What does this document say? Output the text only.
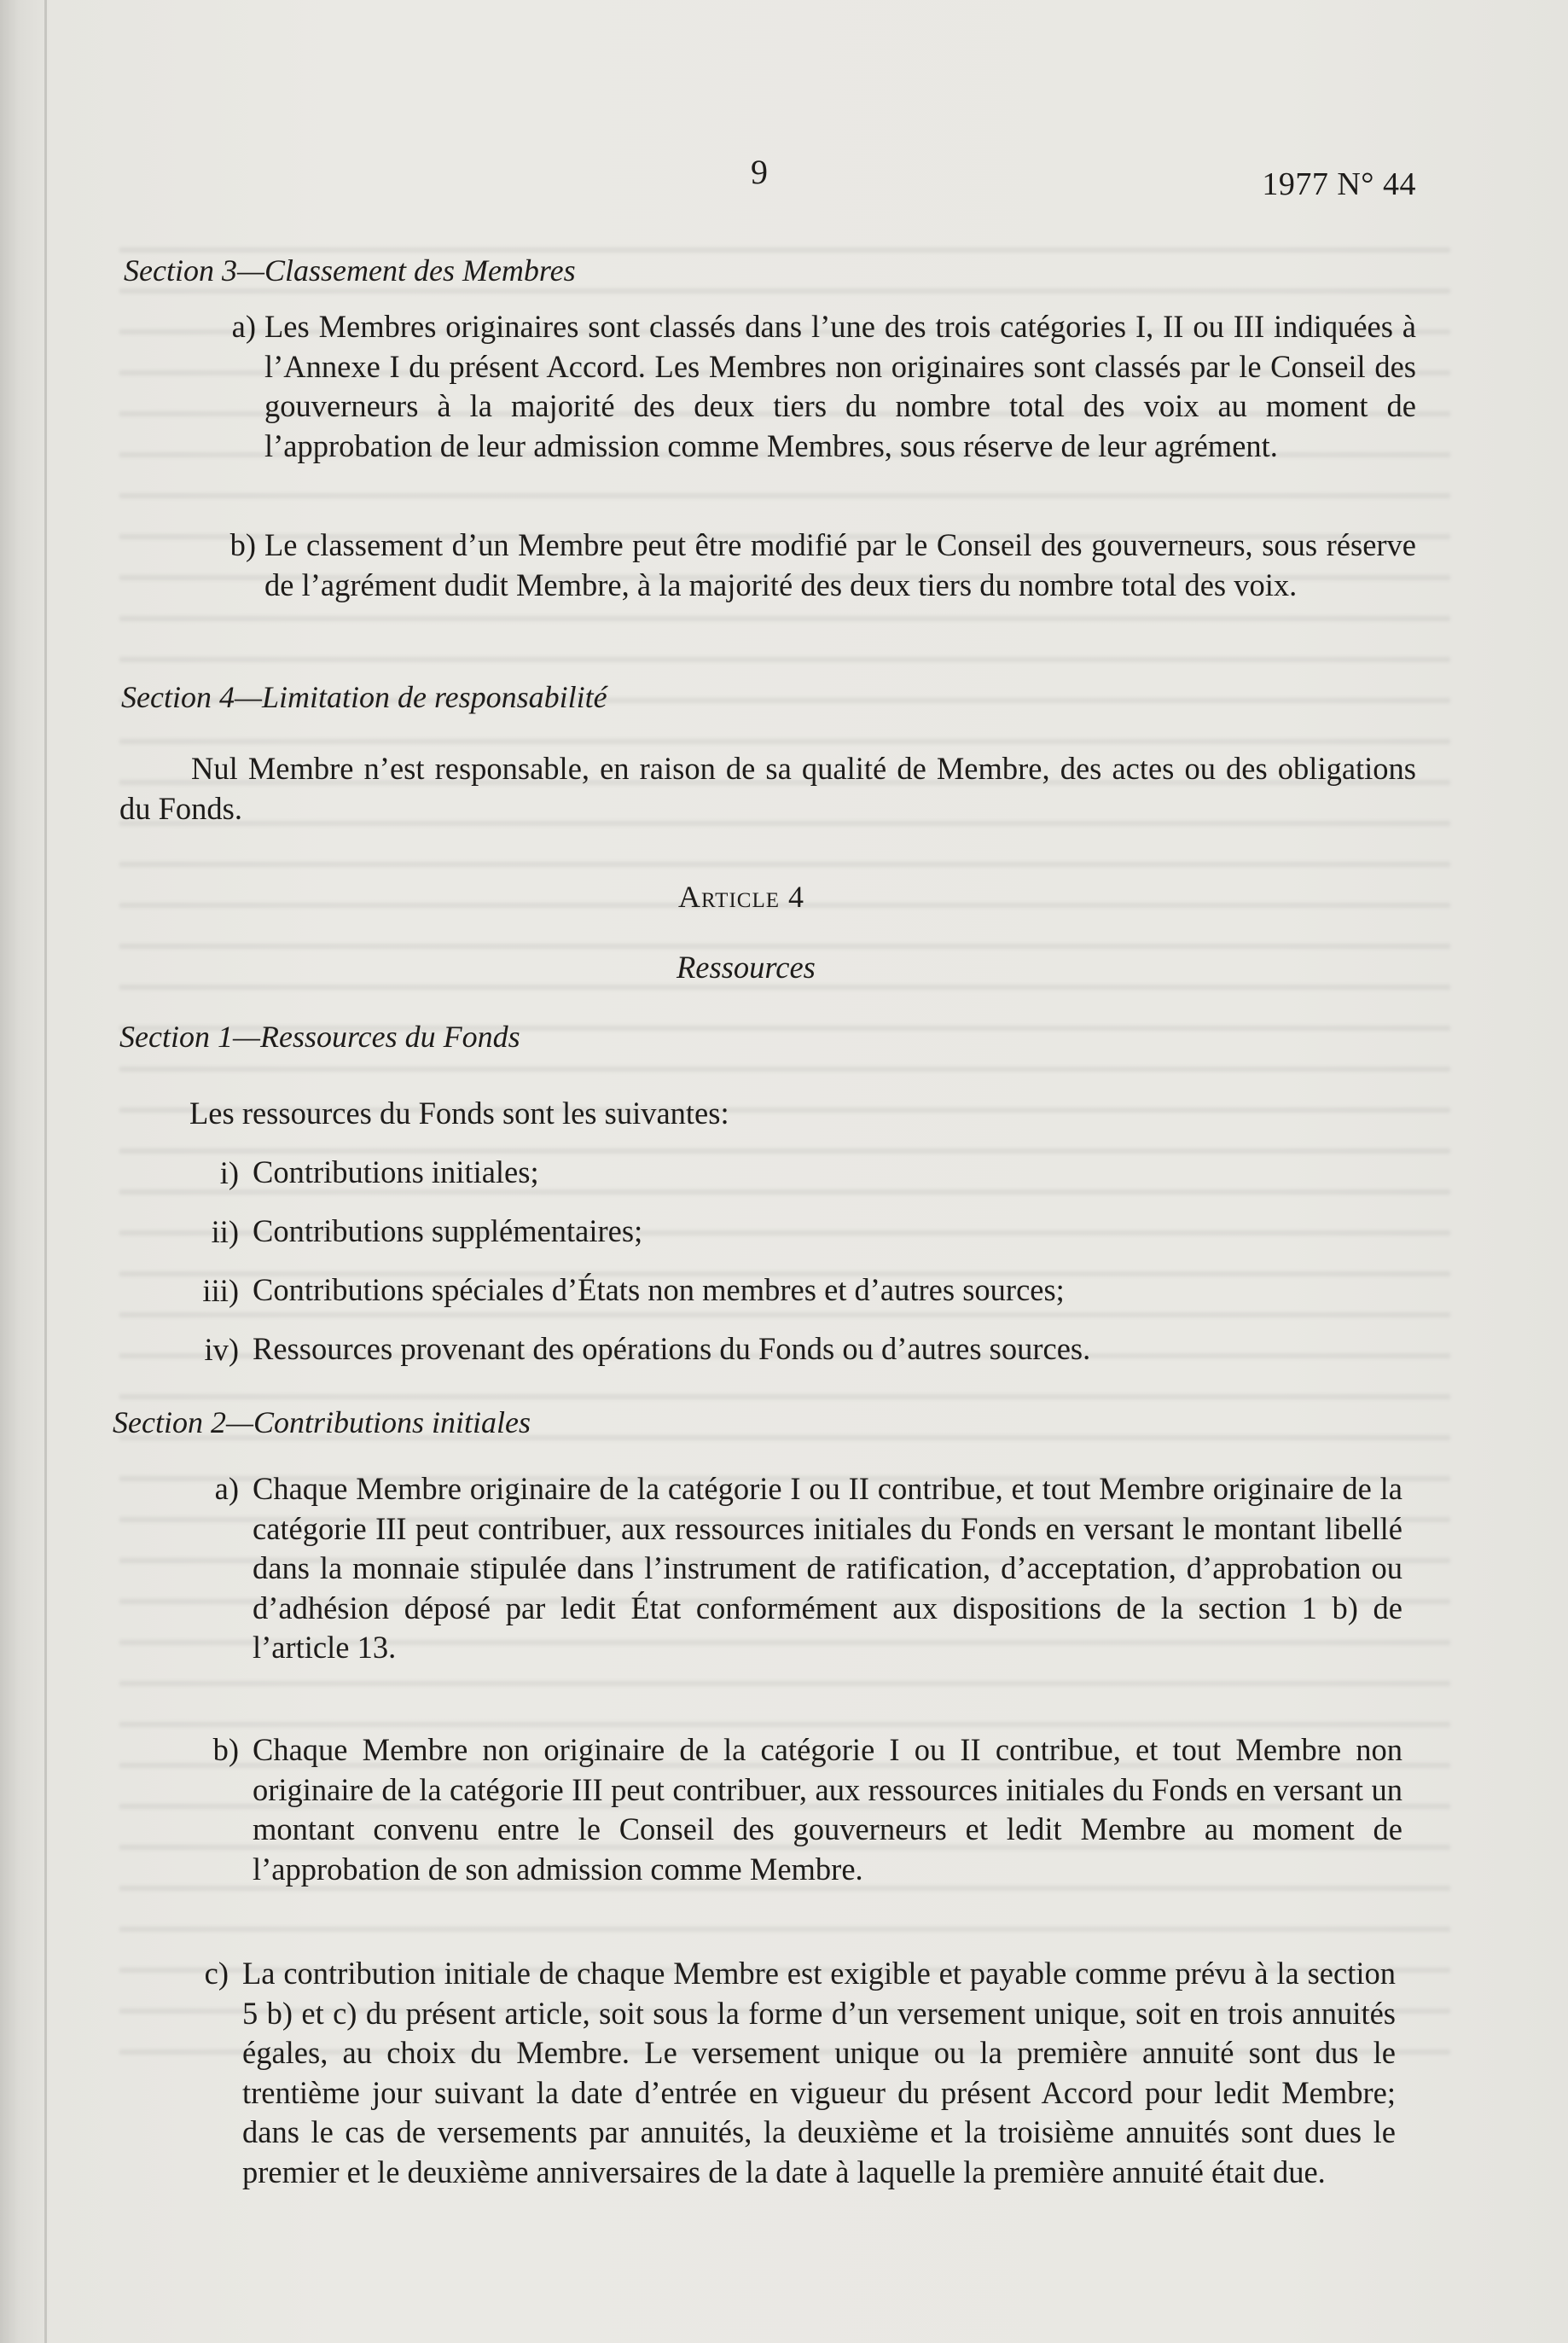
9	1977 N° 44
Section 3—Classement des Membres
a) Les Membres originaires sont classés dans l’une des trois catégories I, II ou III indiquées à l’Annexe I du présent Accord. Les Membres non originaires sont classés par le Conseil des gouverneurs à la majorité des deux tiers du nombre total des voix au moment de l’approbation de leur admission comme Membres, sous réserve de leur agrément.
b) Le classement d’un Membre peut être modifié par le Conseil des gouverneurs, sous réserve de l’agrément dudit Membre, à la majorité des deux tiers du nombre total des voix.
Section 4—Limitation de responsabilité
Nul Membre n’est responsable, en raison de sa qualité de Membre, des actes ou des obligations du Fonds.
Article 4
Ressources
Section 1—Ressources du Fonds
Les ressources du Fonds sont les suivantes:
i) Contributions initiales;
ii) Contributions supplémentaires;
iii) Contributions spéciales d’États non membres et d’autres sources;
iv) Ressources provenant des opérations du Fonds ou d’autres sources.
Section 2—Contributions initiales
a) Chaque Membre originaire de la catégorie I ou II contribue, et tout Membre originaire de la catégorie III peut contribuer, aux ressources initiales du Fonds en versant le montant libellé dans la monnaie stipulée dans l’instrument de ratification, d’acceptation, d’approbation ou d’adhésion déposé par ledit État conformément aux dispositions de la section 1 b) de l’article 13.
b) Chaque Membre non originaire de la catégorie I ou II contribue, et tout Membre non originaire de la catégorie III peut contribuer, aux ressources initiales du Fonds en versant un montant convenu entre le Conseil des gouverneurs et ledit Membre au moment de l’approbation de son admission comme Membre.
c) La contribution initiale de chaque Membre est exigible et payable comme prévu à la section 5 b) et c) du présent article, soit sous la forme d’un versement unique, soit en trois annuités égales, au choix du Membre. Le versement unique ou la première annuité sont dus le trentième jour suivant la date d’entrée en vigueur du présent Accord pour ledit Membre; dans le cas de versements par annuités, la deuxième et la troisième annuités sont dues le premier et le deuxième anniversaires de la date à laquelle la première annuité était due.
